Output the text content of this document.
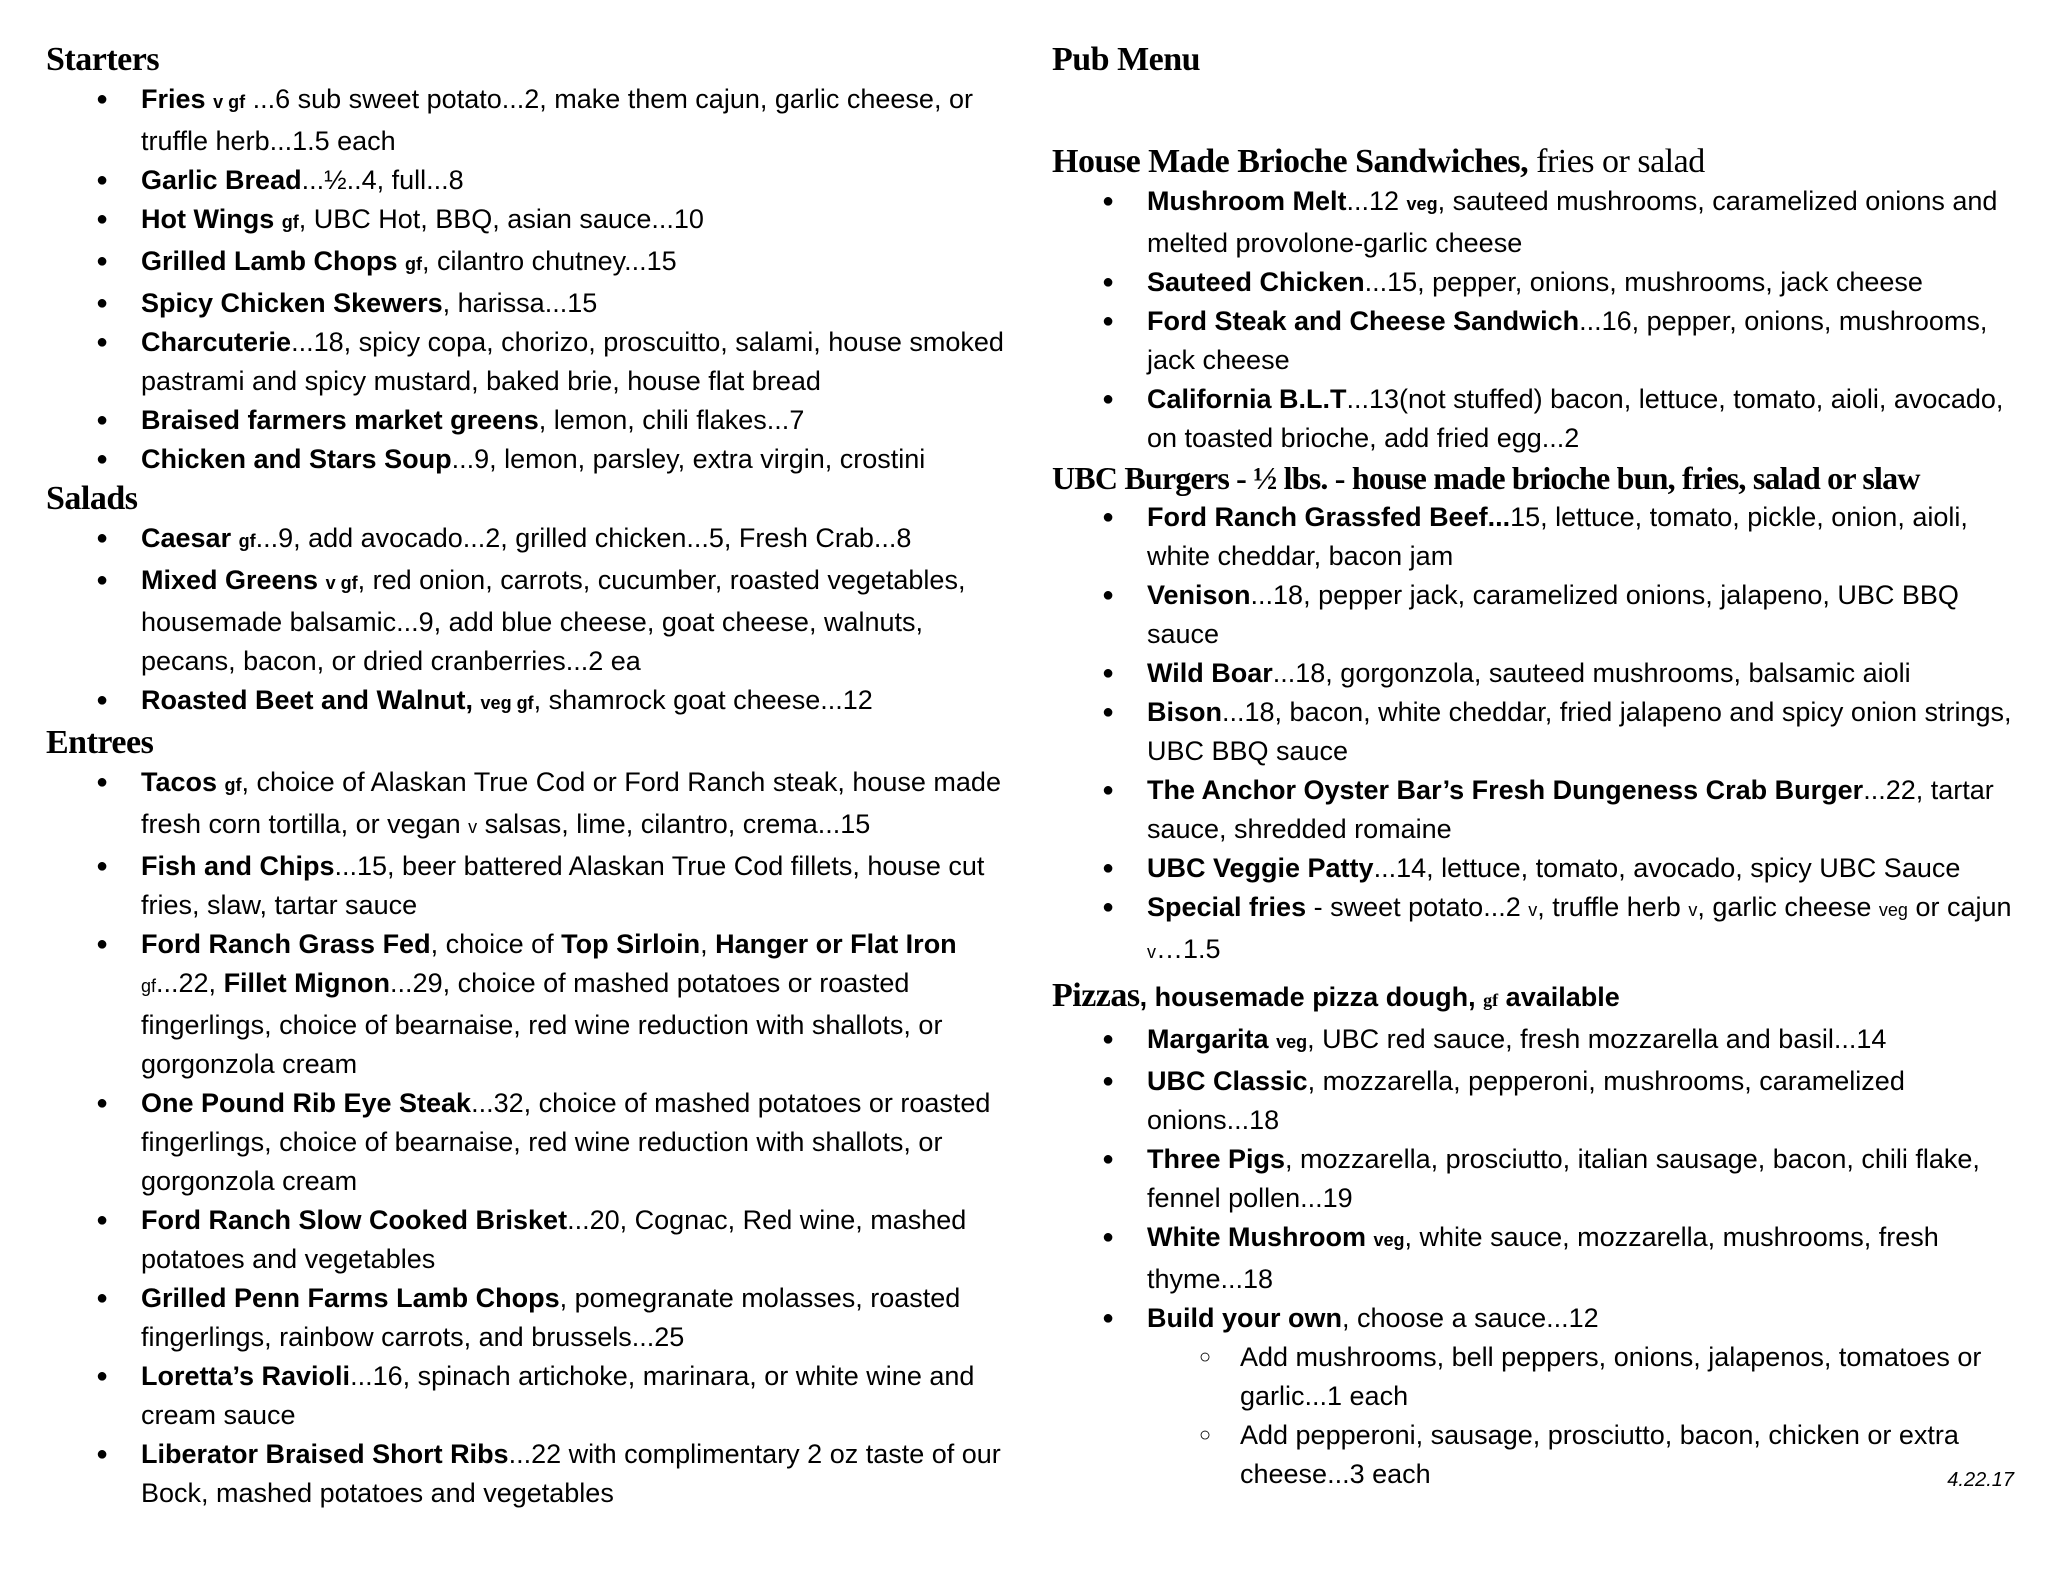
Starters
● Fries v gf ...6 sub sweet potato...2, make them cajun, garlic cheese, or truffle herb...1.5 each
● Garlic Bread...½..4, full...8
● Hot Wings gf, UBC Hot, BBQ, asian sauce...10
● Grilled Lamb Chops gf, cilantro chutney...15
● Spicy Chicken Skewers, harissa...15
● Charcuterie...18, spicy copa, chorizo, proscuitto, salami, house smoked pastrami and spicy mustard, baked brie, house flat bread
● Braised farmers market greens, lemon, chili flakes...7
● Chicken and Stars Soup...9, lemon, parsley, extra virgin, crostini
Salads
● Caesar gf...9, add avocado...2, grilled chicken...5, Fresh Crab...8
● Mixed Greens v gf, red onion, carrots, cucumber, roasted vegetables, housemade balsamic...9, add blue cheese, goat cheese, walnuts, pecans, bacon, or dried cranberries...2 ea
● Roasted Beet and Walnut, veg gf, shamrock goat cheese...12
Entrees
● Tacos gf, choice of Alaskan True Cod or Ford Ranch steak, house made fresh corn tortilla, or vegan v salsas, lime, cilantro, crema...15
● Fish and Chips...15, beer battered Alaskan True Cod fillets, house cut fries, slaw, tartar sauce
● Ford Ranch Grass Fed, choice of Top Sirloin, Hanger or Flat Iron gf...22, Fillet Mignon...29, choice of mashed potatoes or roasted fingerlings, choice of bearnaise, red wine reduction with shallots, or gorgonzola cream
● One Pound Rib Eye Steak...32, choice of mashed potatoes or roasted fingerlings, choice of bearnaise, red wine reduction with shallots, or gorgonzola cream
● Ford Ranch Slow Cooked Brisket...20, Cognac, Red wine, mashed potatoes and vegetables
● Grilled Penn Farms Lamb Chops, pomegranate molasses, roasted fingerlings, rainbow carrots, and brussels...25
● Loretta’s Ravioli...16, spinach artichoke, marinara, or white wine and cream sauce
● Liberator Braised Short Ribs...22 with complimentary 2 oz taste of our Bock, mashed potatoes and vegetables
Pub Menu
House Made Brioche Sandwiches, fries or salad
● Mushroom Melt...12 veg, sauteed mushrooms, caramelized onions and melted provolone-garlic cheese
● Sauteed Chicken...15, pepper, onions, mushrooms, jack cheese
● Ford Steak and Cheese Sandwich...16, pepper, onions, mushrooms, jack cheese
● California B.L.T...13(not stuffed) bacon, lettuce, tomato, aioli, avocado, on toasted brioche, add fried egg...2
UBC Burgers - ½ lbs. - house made brioche bun, fries, salad or slaw
● Ford Ranch Grassfed Beef...15, lettuce, tomato, pickle, onion, aioli, white cheddar, bacon jam
● Venison...18, pepper jack, caramelized onions, jalapeno, UBC BBQ sauce
● Wild Boar...18, gorgonzola, sauteed mushrooms, balsamic aioli
● Bison...18, bacon, white cheddar, fried jalapeno and spicy onion strings, UBC BBQ sauce
● The Anchor Oyster Bar’s Fresh Dungeness Crab Burger...22, tartar sauce, shredded romaine
● UBC Veggie Patty...14, lettuce, tomato, avocado, spicy UBC Sauce
● Special fries - sweet potato...2 v, truffle herb v, garlic cheese veg or cajun v…1.5
Pizzas, housemade pizza dough, gf available
● Margarita veg, UBC red sauce, fresh mozzarella and basil...14
● UBC Classic, mozzarella, pepperoni, mushrooms, caramelized onions...18
● Three Pigs, mozzarella, prosciutto, italian sausage, bacon, chili flake, fennel pollen...19
● White Mushroom veg, white sauce, mozzarella, mushrooms, fresh thyme...18
● Build your own, choose a sauce...12
○ Add mushrooms, bell peppers, onions, jalapenos, tomatoes or garlic...1 each
○ Add pepperoni, sausage, prosciutto, bacon, chicken or extra cheese...3 each	4.22.17
